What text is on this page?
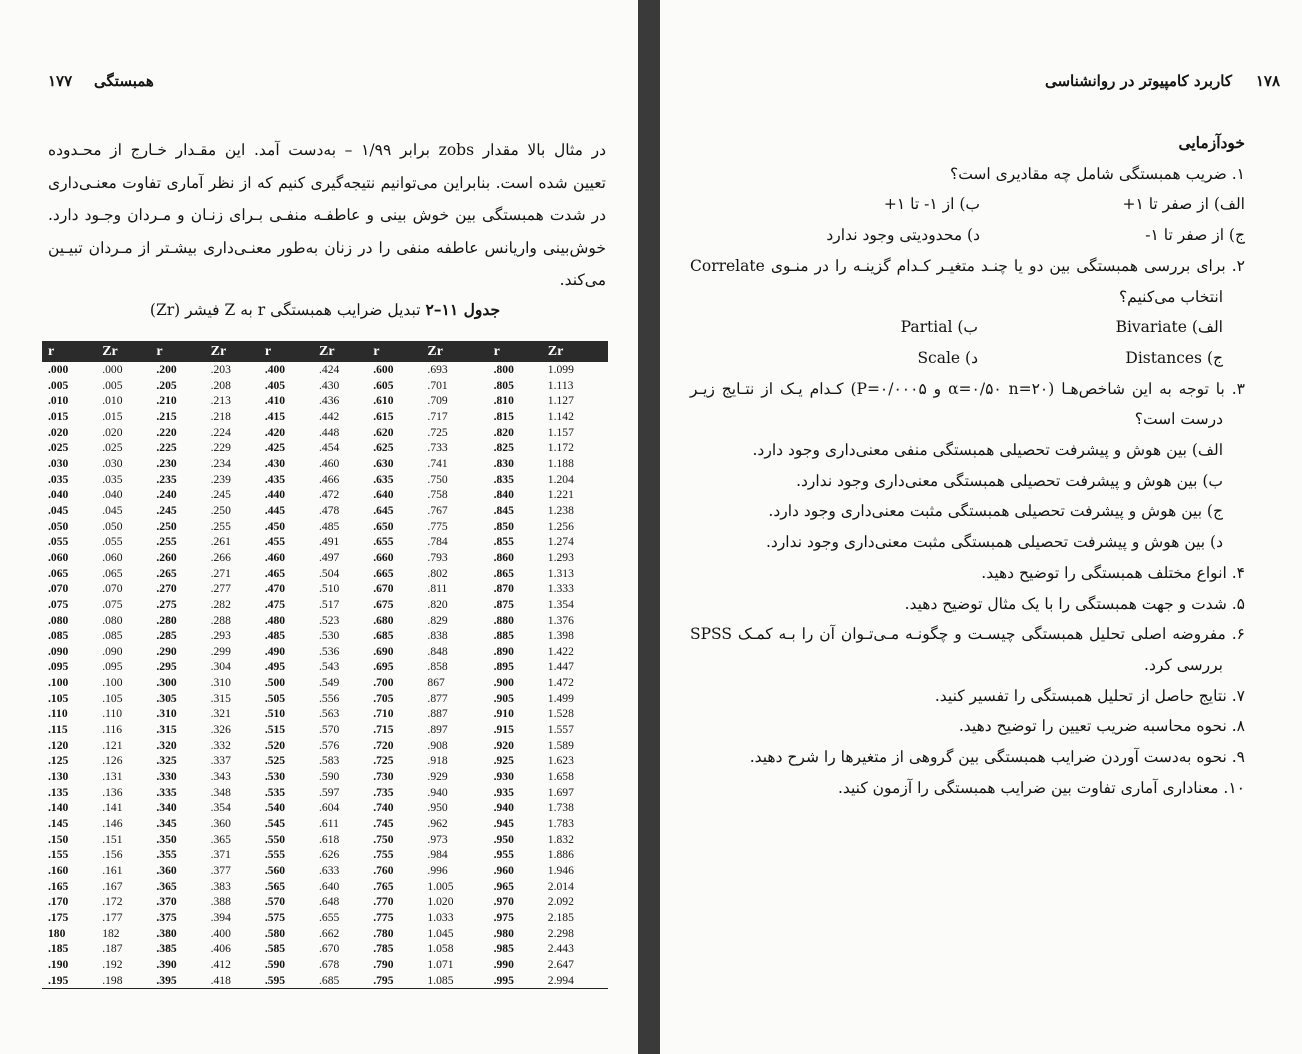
۱۷۷ همبستگی
در مثال بالا مقدار zobs برابر ۱/۹۹ – به‌دست آمد. این مقـدار خـارج از محـدوده
تعیین شده است. بنابراین می‌توانیم نتیجه‌گیری کنیم که از نظر آماری تفاوت معنـی‌داری
در شدت همبستگی بین خوش بینی و عاطفـه منفـی بـرای زنـان و مـردان وجـود دارد.
خوش‌بینی واریانس عاطفه منفی را در زنان به‌طور معنـی‌داری بیشـتر از مـردان تبیـین
می‌کند.
جدول ۱۱–۲ تبدیل ضرایب همبستگی r به Z فیشر (Zr)
r	Zr	r	Zr	r	Zr	r	Zr	r	Zr
.000	.000	.200	.203	.400	.424	.600	.693	.800	1.099
.005	.005	.205	.208	.405	.430	.605	.701	.805	1.113
.010	.010	.210	.213	.410	.436	.610	.709	.810	1.127
.015	.015	.215	.218	.415	.442	.615	.717	.815	1.142
.020	.020	.220	.224	.420	.448	.620	.725	.820	1.157
.025	.025	.225	.229	.425	.454	.625	.733	.825	1.172
.030	.030	.230	.234	.430	.460	.630	.741	.830	1.188
.035	.035	.235	.239	.435	.466	.635	.750	.835	1.204
.040	.040	.240	.245	.440	.472	.640	.758	.840	1.221
.045	.045	.245	.250	.445	.478	.645	.767	.845	1.238
.050	.050	.250	.255	.450	.485	.650	.775	.850	1.256
.055	.055	.255	.261	.455	.491	.655	.784	.855	1.274
.060	.060	.260	.266	.460	.497	.660	.793	.860	1.293
.065	.065	.265	.271	.465	.504	.665	.802	.865	1.313
.070	.070	.270	.277	.470	.510	.670	.811	.870	1.333
.075	.075	.275	.282	.475	.517	.675	.820	.875	1.354
.080	.080	.280	.288	.480	.523	.680	.829	.880	1.376
.085	.085	.285	.293	.485	.530	.685	.838	.885	1.398
.090	.090	.290	.299	.490	.536	.690	.848	.890	1.422
.095	.095	.295	.304	.495	.543	.695	.858	.895	1.447
.100	.100	.300	.310	.500	.549	.700	867	.900	1.472
.105	.105	.305	.315	.505	.556	.705	.877	.905	1.499
.110	.110	.310	.321	.510	.563	.710	.887	.910	1.528
.115	.116	.315	.326	.515	.570	.715	.897	.915	1.557
.120	.121	.320	.332	.520	.576	.720	.908	.920	1.589
.125	.126	.325	.337	.525	.583	.725	.918	.925	1.623
.130	.131	.330	.343	.530	.590	.730	.929	.930	1.658
.135	.136	.335	.348	.535	.597	.735	.940	.935	1.697
.140	.141	.340	.354	.540	.604	.740	.950	.940	1.738
.145	.146	.345	.360	.545	.611	.745	.962	.945	1.783
.150	.151	.350	.365	.550	.618	.750	.973	.950	1.832
.155	.156	.355	.371	.555	.626	.755	.984	.955	1.886
.160	.161	.360	.377	.560	.633	.760	.996	.960	1.946
.165	.167	.365	.383	.565	.640	.765	1.005	.965	2.014
.170	.172	.370	.388	.570	.648	.770	1.020	.970	2.092
.175	.177	.375	.394	.575	.655	.775	1.033	.975	2.185
180	182	.380	.400	.580	.662	.780	1.045	.980	2.298
.185	.187	.385	.406	.585	.670	.785	1.058	.985	2.443
.190	.192	.390	.412	.590	.678	.790	1.071	.990	2.647
.195	.198	.395	.418	.595	.685	.795	1.085	.995	2.994
۱۷۸
کاربرد کامپیوتر در روانشناسی
خودآزمایی
۱. ضریب همبستگی شامل چه مقادیری است؟
الف) از صفر تا ۱+
ب) از ۱- تا ۱+
ج) از صفر تا ۱-
د) محدودیتی وجود ندارد
۲. برای بررسی همبستگی بین دو یا چنـد متغیـر کـدام گزینـه را در منـوی Correlate
انتخاب می‌کنیم؟
الف) Bivariate
ب) Partial
ج) Distances
د) Scale
۳. با توجه به این شاخص‌هـا (α=۰/۵۰ n=۲۰ و P=۰/۰۰۰۵) کـدام یـک از نتـایج زیـر
درست است؟
الف) بین هوش و پیشرفت تحصیلی همبستگی منفی معنی‌داری وجود دارد.
ب) بین هوش و پیشرفت تحصیلی همبستگی معنی‌داری وجود ندارد.
ج) بین هوش و پیشرفت تحصیلی همبستگی مثبت معنی‌داری وجود دارد.
د) بین هوش و پیشرفت تحصیلی همبستگی مثبت معنی‌داری وجود ندارد.
۴. انواع مختلف همبستگی را توضیح دهید.
۵. شدت و جهت همبستگی را با یک مثال توضیح دهید.
۶. مفروضه اصلی تحلیل همبستگی چیسـت و چگونـه مـی‌تـوان آن را بـه کمـک SPSS
بررسی کرد.
۷. نتایج حاصل از تحلیل همبستگی را تفسیر کنید.
۸. نحوه محاسبه ضریب تعیین را توضیح دهید.
۹. نحوه به‌دست آوردن ضرایب همبستگی بین گروهی از متغیرها را شرح دهید.
۱۰. معناداری آماری تفاوت بین ضرایب همبستگی را آزمون کنید.
